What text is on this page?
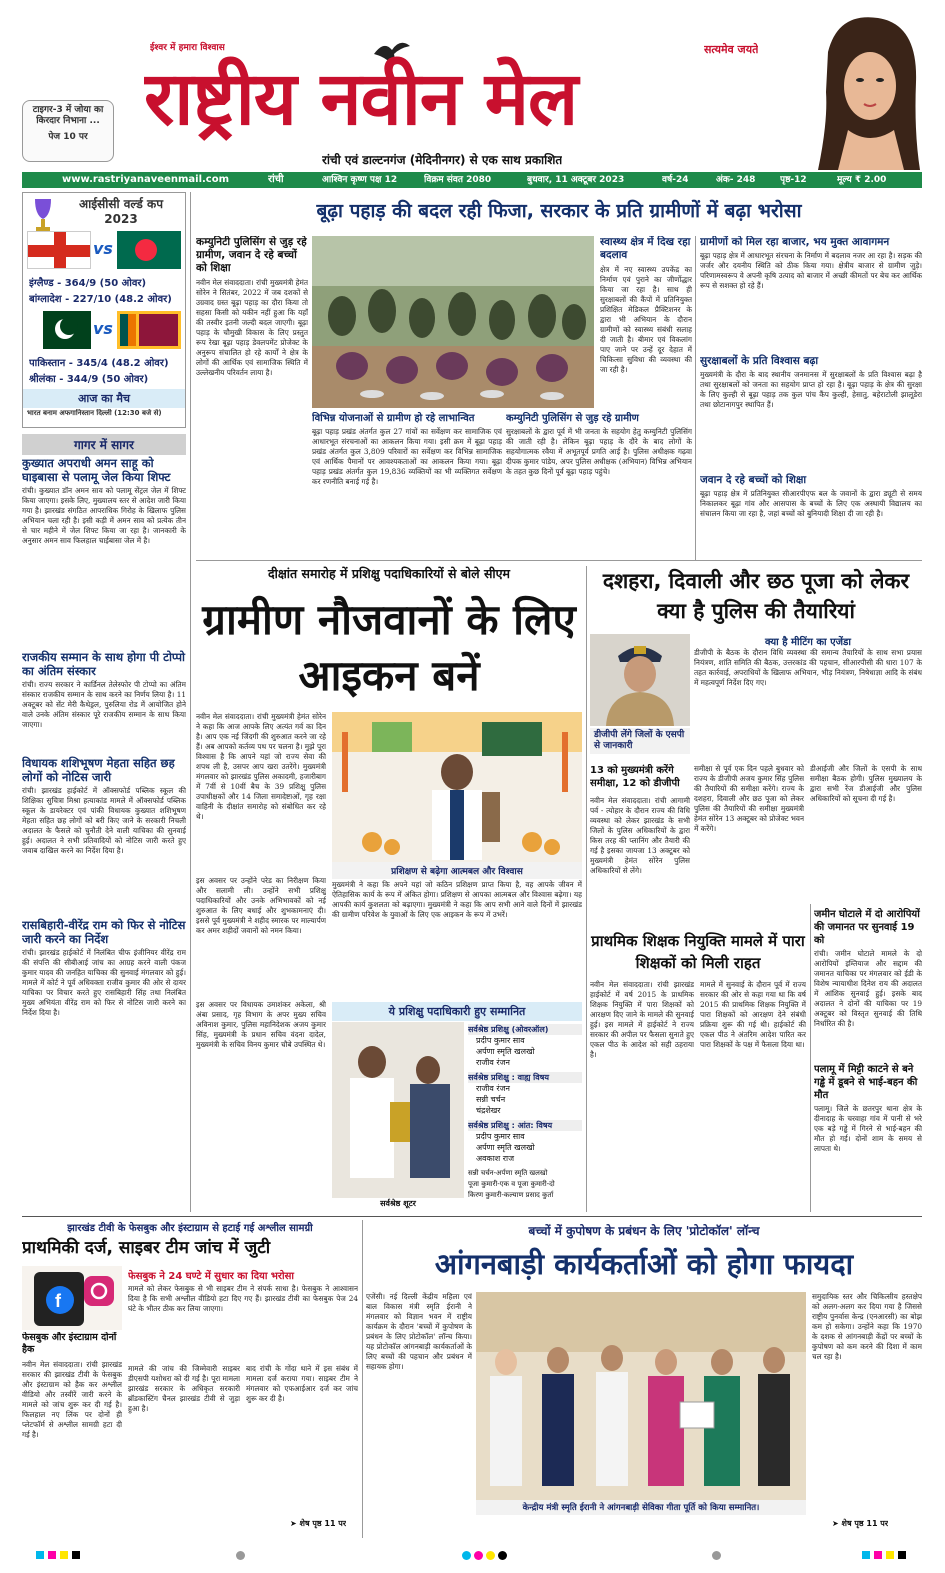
ईश्वर में हमारा विश्वास	सत्यमेव जयते
राष्ट्रीय नवीन मेल
रांची एवं डाल्टनगंज (मेदिनीनगर) से एक साथ प्रकाशित
टाइगर-3 में जोया का किरदार निभाना ...
पेज 10 पर
www.rastriyanaveenmail.com	रांची	आश्विन कृष्ण पक्ष 12	विक्रम संवत 2080	बुधवार, 11 अक्टूबर 2023	वर्ष-24	अंक- 248	पृष्ठ-12	मूल्य ₹ 2.00
आईसीसी वर्ल्ड कप 2023
vs
इंग्लैण्ड - 364/9 (50 ओवर)
बांग्लादेश - 227/10 (48.2 ओवर)
vs
पाकिस्तान - 345/4 (48.2 ओवर)
श्रीलंका - 344/9 (50 ओवर)
आज का मैच
भारत बनाम अफगानिस्तान दिल्ली (12:30 बजे से)
गागर में सागर
कुख्यात अपराधी अमन साहू को घाइबासा से पलामू जेल किया शिफ्ट
रांची। कुख्यात डॉन अमन साव को पलामू सेंट्रल जेल में शिफ्ट किया जाएगा। इसके लिए, मुख्यालय स्तर से आदेश जारी किया गया है। झारखंड संगठित आपराधिक गिरोह के खिलाफ पुलिस अभियान चला रही है। इसी कड़ी में अमन साव को प्रत्येक तीन से चार महीने में जेल शिफ्ट किया जा रहा है। जानकारी के अनुसार अमन साव फिलहाल चाईबासा जेल में है।
राजकीय सम्मान के साथ होगा पी टोप्पो का अंतिम संस्कार
रांची। राज्य सरकार ने कार्डिनल तेलेस्फोर पी टोप्पो का अंतिम संस्कार राजकीय सम्मान के साथ करने का निर्णय लिया है। 11 अक्टूबर को सेंट मेरी कैथेड्रल, पुरुलिया रोड में आयोजित होने वाले उनके अंतिम संस्कार पूरे राजकीय सम्मान के साथ किया जाएगा।
विधायक शशिभूषण मेहता सहित छह लोगों को नोटिस जारी
रांची। झारखंड हाईकोर्ट में ऑक्सफोर्ड पब्लिक स्कूल की शिक्षिका सुचित्रा मिश्रा हत्याकांड मामले में ऑक्सफोर्ड पब्लिक स्कूल के डायरेक्टर एवं पांकी विधायक कुख्यात शशिभूषण मेहता सहित छह लोगों को बरी किए जाने के सरकारी निचली अदालत के फैसले को चुनौती देने वाली याचिका की सुनवाई हुई। अदालत ने सभी प्रतिवादियों को नोटिस जारी करते हुए जवाब दाखिल करने का निर्देश दिया है।
रासबिहारी-वीरेंद्र राम को फिर से नोटिस जारी करने का निर्देश
रांची। झारखंड हाईकोर्ट में निलंबित चीफ इंजीनियर वीरेंद्र राम की संपत्ति की सीबीआई जांच का आग्रह करने वाली पंकज कुमार यादव की जनहित याचिका की सुनवाई मंगलवार को हुई। मामले में कोर्ट ने पूर्व अधिवक्ता राजीव कुमार की ओर से दायर याचिका पर विचार करते हुए रासबिहारी सिंह तथा निलंबित मुख्य अभियंता वीरेंद्र राम को फिर से नोटिस जारी करने का निर्देश दिया है।
बूढ़ा पहाड़ की बदल रही फिजा, सरकार के प्रति ग्रामीणों में बढ़ा भरोसा
कम्युनिटी पुलिसिंग से जुड़ रहे ग्रामीण, जवान दे रहे बच्चों को शिक्षा
नवीन मेल संवाददाता। रांची मुख्यमंत्री हेमंत सोरेन ने सितंबर, 2022 में जब दशकों से उग्रवाद ग्रस्त बूढ़ा पहाड़ का दौरा किया तो सहसा किसी को यकीन नहीं हुआ कि यहाँ की तस्वीर इतनी जल्दी बदल जाएगी। बूढ़ा पहाड़ के चौमुखी विकास के लिए प्रस्तुत रूप रेखा बूढ़ा पहाड़ डेवलपमेंट प्रोजेक्ट के अनुरूप संचालित हो रहे कार्यों ने क्षेत्र के लोगों की आर्थिक एवं सामाजिक स्थिति में उल्लेखनीय परिवर्तन लाया है।
स्वास्थ्य क्षेत्र में दिख रहा बदलाव
क्षेत्र में नए स्वास्थ्य उपकेंद्र का निर्माण एवं पुराने का जीर्णोद्धार किया जा रहा है। साथ ही सुरक्षाबलों की कैंपों में प्रतिनियुक्त प्रशिक्षित मेडिकल प्रैक्टिशनर के द्वारा भी अभियान के दौरान ग्रामीणों को स्वास्थ्य संबंधी सलाह दी जाती है। बीमार एवं विकलांग पाए जाने पर उन्हें दूर देहात में चिकित्सा सुविधा की व्यवस्था की जा रही है।
ग्रामीणों को मिल रहा बाजार, भय मुक्त आवागमन
बूढ़ा पहाड़ क्षेत्र में आधारभूत संरचना के निर्माण में बदलाव नजर आ रहा है। सड़क की जर्जर और दयनीय स्थिति को ठीक किया गया। क्षेत्रीय बाजार से ग्रामीण जुड़े। परिणामस्वरूप वे अपनी कृषि उत्पाद को बाजार में अच्छी कीमतों पर बेच कर आर्थिक रूप से सशक्त हो रहे हैं।
सुरक्षाबलों के प्रति विश्वास बढ़ा
मुख्यमंत्री के दौरा के बाद स्थानीय जनमानस में सुरक्षाबलों के प्रति विश्वास बढ़ा है तथा सुरक्षाबलों को जनता का सहयोग प्राप्त हो रहा है। बूढ़ा पहाड़ के क्षेत्र की सुरक्षा के लिए कुल्ही से बूढ़ा पहाड़ तक कुल पांच कैंप कुल्ही, हेसातु, बहेराटोली झालूडेरा तथा छोटानागपुर स्थापित हैं।
जवान दे रहे बच्चों को शिक्षा
बूढ़ा पहाड़ क्षेत्र में प्रतिनियुक्त सीआरपीएफ बल के जवानों के द्वारा ड्यूटी से समय निकालकर बूढ़ा गांव और आसपास के बच्चों के लिए एक अस्थायी विद्यालय का संचालन किया जा रहा है, जहां बच्चों को बुनियादी शिक्षा दी जा रही है।
विभिन्न योजनाओं से ग्रामीण हो रहे लाभान्वित
बूढ़ा पहाड़ प्रखंड अंतर्गत कुल 27 गांवों का सर्वेक्षण कर सामाजिक एवं आधारभूत संरचनाओं का आकलन किया गया। इसी क्रम में बूढ़ा पहाड़ प्रखंड अंतर्गत कुल 3,809 परिवारों का सर्वेक्षण कर विभिन्न सामाजिक एवं आर्थिक पैमानों पर आवश्यकताओं का आकलन किया गया। बूढ़ा पहाड़ प्रखंड अंतर्गत कुल 19,836 व्यक्तियों का भी व्यक्तिगत सर्वेक्षण कर रणनीति बनाई गई है।
कम्युनिटी पुलिसिंग से जुड़ रहे ग्रामीण
सुरक्षाबलों के द्वारा पूर्व में भी जनता के सहयोग हेतु कम्युनिटी पुलिसिंग की जाती रही है। लेकिन बूढ़ा पहाड़ के दौरे के बाद लोगों के सहयोगात्मक रवैया में अभूतपूर्व प्रगति आई है। पुलिस अधीक्षक गढ़वा दीपक कुमार पांडेय, अपर पुलिस अधीक्षक (अभियान) विभिन्न अभियान के तहत कुछ दिनों पूर्व बूढ़ा पहाड़ पहुंचे।
दीक्षांत समारोह में प्रशिक्षु पदाधिकारियों से बोले सीएम
ग्रामीण नौजवानों के लिए आइकन बनें
नवीन मेल संवाददाता। रांची मुख्यमंत्री हेमंत सोरेन ने कहा कि आज आपके लिए अत्यंत गर्व का दिन है। आप एक नई जिंदगी की शुरुआत करने जा रहे हैं। अब आपको कर्तव्य पथ पर चलना है। मुझे पूरा विश्वास है कि आपने यहां जो राज्य सेवा की शपथ ली है, उसपर आप खरा उतरेंगे। मुख्यमंत्री मंगलवार को झारखंड पुलिस अकादमी, हजारीबाग में 7वीं से 10वीं बैच के 39 प्रशिक्षु पुलिस उपाधीक्षकों और 14 जिला समादेष्टाओं, गृह रक्षा वाहिनी के दीक्षांत समारोह को संबोधित कर रहे थे।
इस अवसर पर उन्होंने परेड का निरीक्षण किया और सलामी ली। उन्होंने सभी प्रशिक्षु पदाधिकारियों और उनके अभिभावकों को नई शुरुआत के लिए बधाई और शुभकामनाएं दी। इससे पूर्व मुख्यमंत्री ने शहीद स्मारक पर माल्यार्पण कर अमर शहीदों जवानों को नमन किया।
इस अवसर पर विधायक उमाशंकर अकेला, श्री अंबा प्रसाद, गृह विभाग के अपर मुख्य सचिव अविनाश कुमार, पुलिस महानिदेशक अजय कुमार सिंह, मुख्यमंत्री के प्रधान सचिव वंदना दादेल, मुख्यमंत्री के सचिव विनय कुमार चौबे उपस्थित थे।
प्रशिक्षण से बढ़ेगा आत्मबल और विश्वास
मुख्यमंत्री ने कहा कि अपने यहां जो कठिन प्रशिक्षण प्राप्त किया है, वह आपके जीवन में ऐतिहासिक कार्य के रूप में अंकित होगा। प्रशिक्षण से आपका आत्मबल और विश्वास बढ़ेगा। यह आपकी कार्य कुशलता को बढ़ाएगा। मुख्यमंत्री ने कहा कि आप सभी आने वाले दिनों में झारखंड की ग्रामीण परिवेश के युवाओं के लिए एक आइकन के रूप में उभरें।
ये प्रशिक्षु पदाधिकारी हुए सम्मानित
सर्वश्रेष्ठ शूटर
सर्वश्रेष्ठ प्रशिक्षु (ओवरऑल)
प्रदीप कुमार साव
अर्पणा स्मृति खलखो
राजीव रंजन
सर्वश्रेष्ठ प्रशिक्षु : वाह्य विषय
राजीव रंजन
सन्नी चर्चन
चंद्रशेखर
सर्वश्रेष्ठ प्रशिक्षु : आंत: विषय
प्रदीप कुमार साव
अर्पणा स्मृति खलखो
अवकाश राज
सन्नी चर्चन-अर्पणा स्मृति खलखो
पूजा कुमारी-एक व पूजा कुमारी-दो
किरण कुमारी-कल्याण प्रसाद कुर्ता
दशहरा, दिवाली और छठ पूजा को लेकर क्या है पुलिस की तैयारियां
डीजीपी लेंगे जिलों के एसपी से जानकारी
क्या है मीटिंग का एजेंडा
डीजीपी के बैठक के दौरान विधि व्यवस्था की समान्य तैयारियों के साथ सभा प्रयास नियंत्रण, शांति समिति की बैठक, उत्तरकांड की पहचान, सीआरपीसी की धारा 107 के तहत कार्रवाई, अपराधियों के खिलाफ अभियान, भीड़ नियंत्रण, निषेधाज्ञा आदि के संबंध में महत्वपूर्ण निर्देश दिए गए।
13 को मुख्यमंत्री करेंगे समीक्षा, 12 को डीजीपी
नवीन मेल संवाददाता। रांची आगामी पर्व - त्योहार के दौरान राज्य की विधि व्यवस्था को लेकर झारखंड के सभी जिलों के पुलिस अधिकारियों के द्वारा किस तरह की प्लानिंग और तैयारी की गई है इसका जायजा 13 अक्टूबर को मुख्यमंत्री हेमंत सोरेन पुलिस अधिकारियों से लेंगे।
समीक्षा से पूर्व एक दिन पहले बुधवार को राज्य के डीजीपी अजय कुमार सिंह पुलिस की तैयारियों की समीक्षा करेंगे। राज्य के दशहरा, दिवाली और छठ पूजा को लेकर पुलिस की तैयारियों की समीक्षा मुख्यमंत्री हेमंत सोरेन 13 अक्टूबर को प्रोजेक्ट भवन में करेंगे।
डीआईजी और जिलों के एसपी के साथ समीक्षा बैठक होगी। पुलिस मुख्यालय के द्वारा सभी रेंज डीआईजी और पुलिस अधिकारियों को सूचना दी गई है।
प्राथमिक शिक्षक नियुक्ति मामले में पारा शिक्षकों को मिली राहत
नवीन मेल संवाददाता। रांची झारखंड हाईकोर्ट में वर्ष 2015 के प्राथमिक शिक्षक नियुक्ति में पारा शिक्षकों को आरक्षण दिए जाने के मामले की सुनवाई हुई। इस मामले में हाईकोर्ट ने राज्य सरकार की अपील पर फैसला सुनाते हुए एकल पीठ के आदेश को सही ठहराया है।
मामले में सुनवाई के दौरान पूर्व में राज्य सरकार की ओर से कहा गया था कि वर्ष 2015 की प्राथमिक शिक्षक नियुक्ति में पारा शिक्षकों को आरक्षण देने संबंधी प्रक्रिया शुरू की गई थी। हाईकोर्ट की एकल पीठ ने अंतरिम आदेश पारित कर पारा शिक्षकों के पक्ष में फैसला दिया था।
जमीन घोटाले में दो आरोपियों की जमानत पर सुनवाई 19 को
रांची। जमीन घोटाले मामले के दो आरोपियों इम्तियाज और सद्दाम की जमानत याचिका पर मंगलवार को ईडी के विशेष न्यायाधीश दिनेश राय की अदालत में आंशिक सुनवाई हुई। इसके बाद अदालत ने दोनों की याचिका पर 19 अक्टूबर को विस्तृत सुनवाई की तिथि निर्धारित की है।
पलामू में मिट्टी काटने से बने गड्ढे में डूबने से भाई-बहन की मौत
पलामू। जिले के छतरपुर थाना क्षेत्र के दीनादाह के चरवाहा गांव में पानी से भरे एक बड़े गड्ढे में गिरने से भाई-बहन की मौत हो गई। दोनों शाम के समय से लापता थे।
झारखंड टीवी के फेसबुक और इंस्टाग्राम से हटाई गई अश्लील सामग्री
प्राथमिकी दर्ज, साइबर टीम जांच में जुटी
f
फेसबुक और इंस्टाग्राम दोनों हैक
नवीन मेल संवाददाता। रांची झारखंड सरकार की झारखंड टीवी के फेसबुक और इंस्टाग्राम को हैक कर अश्लील वीडियो और तस्वीरें जारी करने के मामले को जांच शुरू कर दी गई है। फिलहाल नए लिंक पर दोनों ही प्लेटफॉर्म से अश्लील सामग्री हटा दी गई है।
फेसबुक ने 24 घण्टे में सुधार का दिया भरोसा
मामले को लेकर फेसबुक से भी साइबर टीम ने संपर्क साधा है। फेसबुक ने आश्वासन दिया है कि सभी अश्लील वीडियो हटा दिए गए हैं। झारखंड टीवी का फेसबुक पेज 24 घंटे के भीतर ठीक कर लिया जाएगा।
मामले की जांच की जिम्मेवारी साइबर डीएसपी यशोधरा को दी गई है। पूरा मामला झारखंड सरकार के अधिकृत सरकारी ब्रॉडकास्टिंग चैनल झारखंड टीवी से जुड़ा हुआ है।
बाद रांची के गोंदा थाने में इस संबंध में मामला दर्ज कराया गया। साइबर टीम ने मंगलवार को एफआईआर दर्ज कर जांच शुरू कर दी है।
➤ शेष पृष्ठ 11 पर
बच्चों में कुपोषण के प्रबंधन के लिए 'प्रोटोकॉल' लॉन्च
आंगनबाड़ी कार्यकर्ताओं को होगा फायदा
एजेंसी। नई दिल्ली केंद्रीय महिला एवं बाल विकास मंत्री स्मृति ईरानी ने मंगलवार को विज्ञान भवन में राष्ट्रीय कार्यक्रम के दौरान 'बच्चों में कुपोषण के प्रबंधन के लिए प्रोटोकॉल' लॉन्च किया। यह प्रोटोकॉल आंगनबाड़ी कार्यकर्ताओं के लिए बच्चों की पहचान और प्रबंधन में सहायक होगा।
केन्द्रीय मंत्री स्मृति ईरानी ने आंगनबाड़ी सेविका गीता पूर्ति को किया सम्मानित।
समुदायिक स्तर और चिकित्सीय हस्तक्षेप को अलग-अलग कर दिया गया है जिससे राष्ट्रीय पुनर्वास केन्द्र (एनआरसी) का बोझ कम हो सकेगा। उन्होंने कहा कि 1970 के दशक से आंगनबाड़ी केंद्रों पर बच्चों के कुपोषण को कम करने की दिशा में काम चल रहा है।
➤ शेष पृष्ठ 11 पर
